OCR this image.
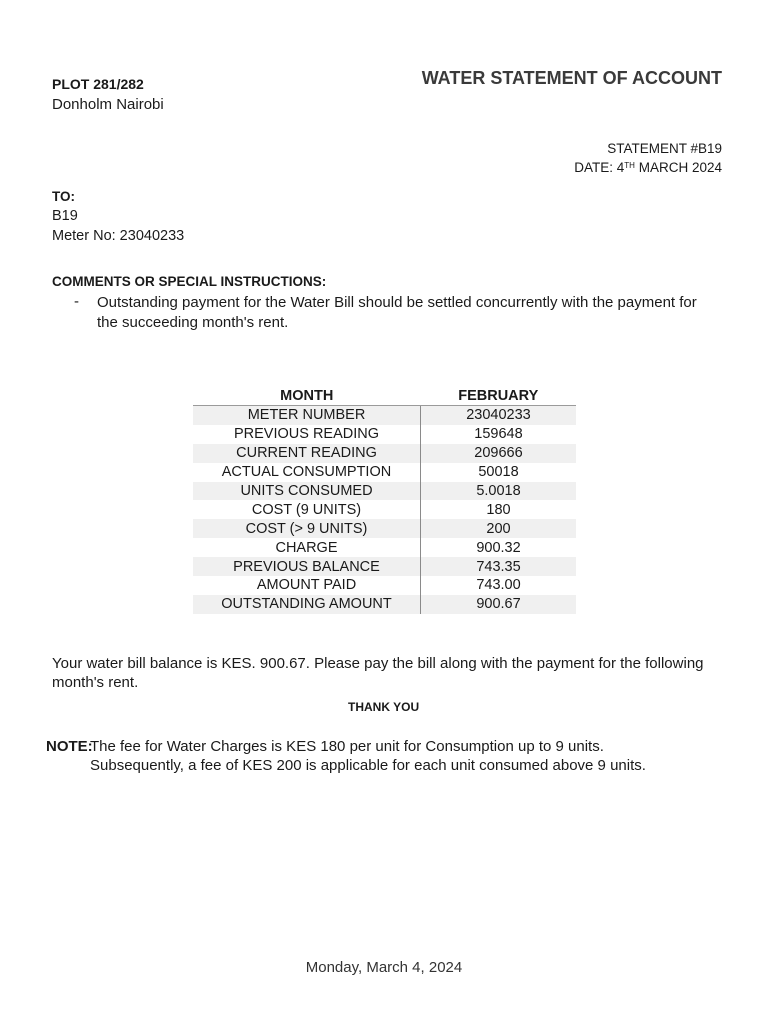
PLOT 281/282
Donholm Nairobi
WATER STATEMENT OF ACCOUNT
STATEMENT #B19
DATE: 4TH MARCH 2024
TO:
B19
Meter No: 23040233
COMMENTS OR SPECIAL INSTRUCTIONS:
- Outstanding payment for the Water Bill should be settled concurrently with the payment for the succeeding month's rent.
MONTH	FEBRUARY
METER NUMBER	23040233
PREVIOUS READING	159648
CURRENT READING	209666
ACTUAL CONSUMPTION	50018
UNITS CONSUMED	5.0018
COST (9 UNITS)	180
COST (> 9 UNITS)	200
CHARGE	900.32
PREVIOUS BALANCE	743.35
AMOUNT PAID	743.00
OUTSTANDING AMOUNT	900.67
Your water bill balance is KES. 900.67. Please pay the bill along with the payment for the following month's rent.
THANK YOU
NOTE:
The fee for Water Charges is KES 180 per unit for Consumption up to 9 units.
Subsequently, a fee of KES 200 is applicable for each unit consumed above 9 units.
Monday, March 4, 2024
